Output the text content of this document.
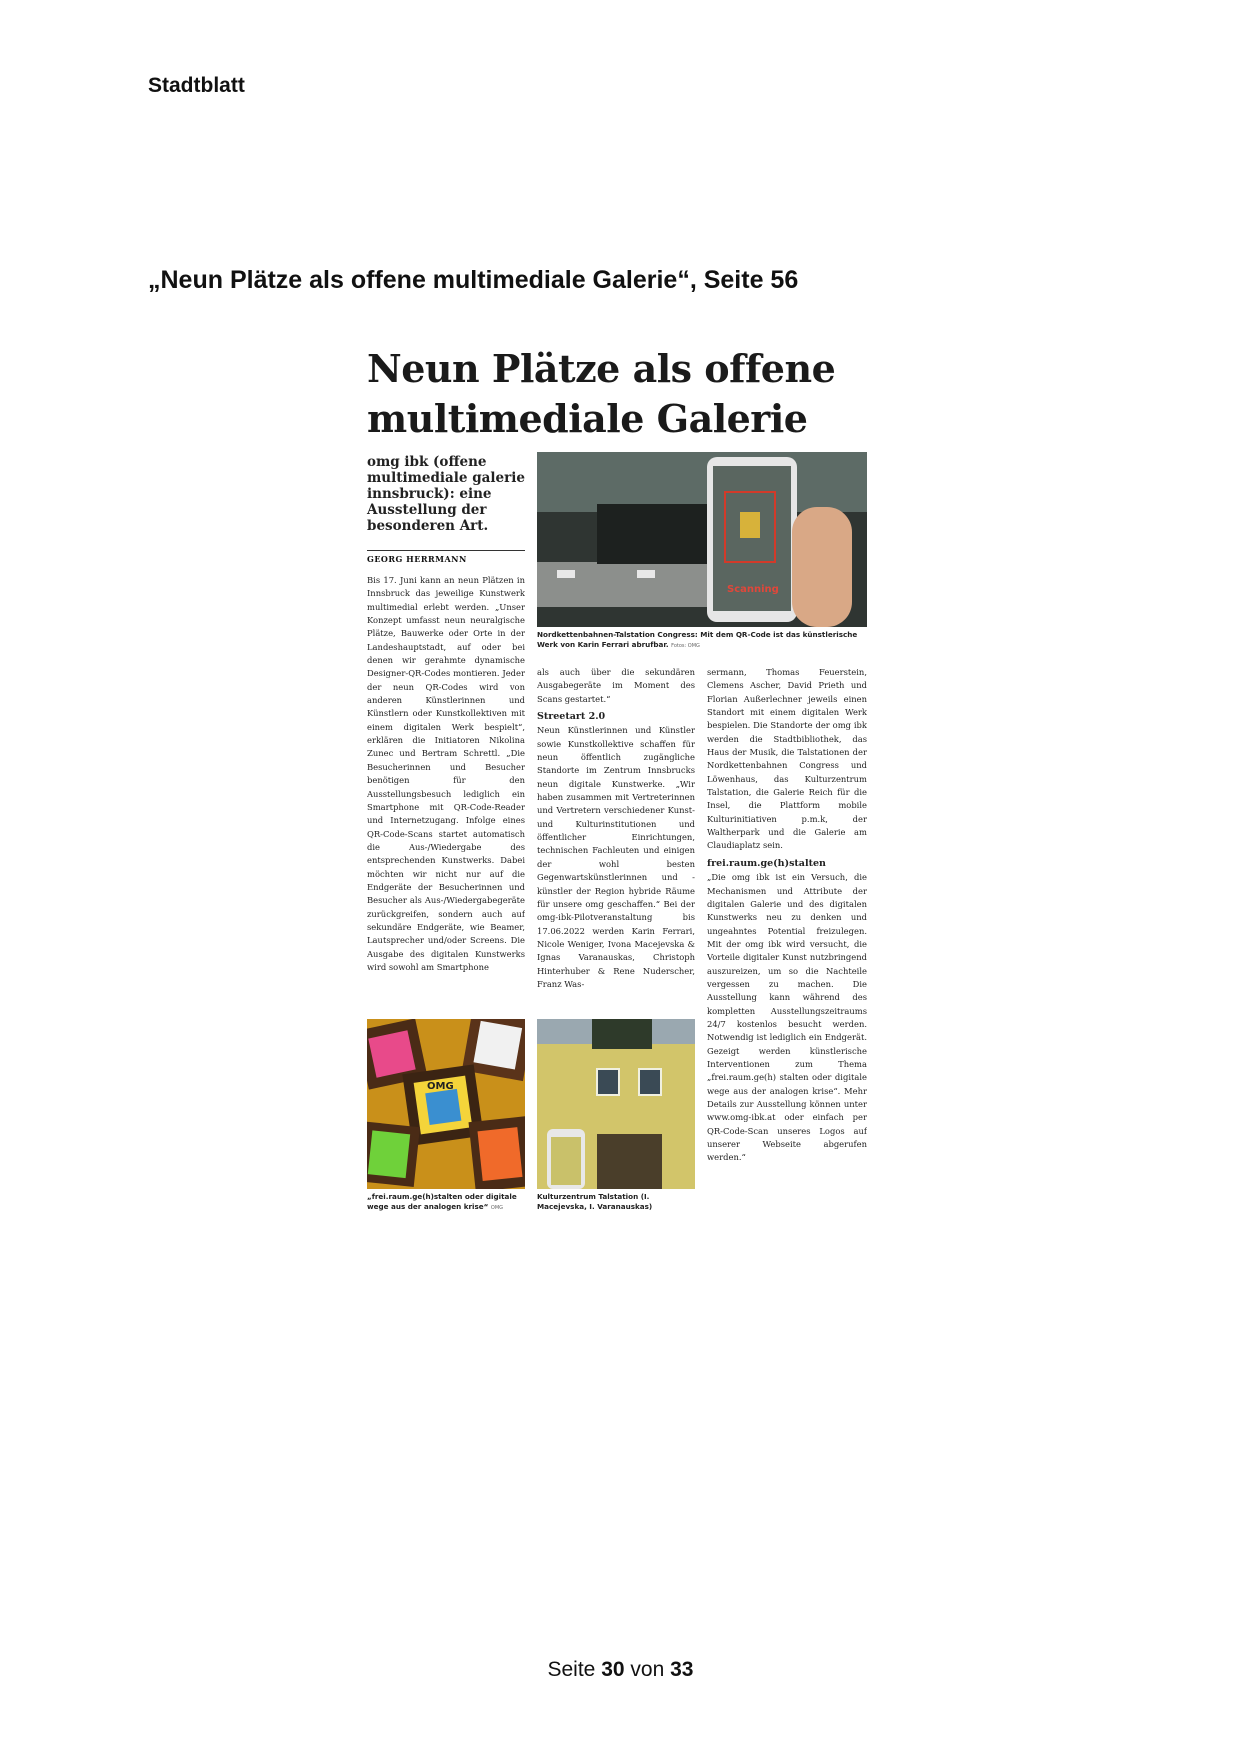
Stadtblatt
„Neun Plätze als offene multimediale Galerie“, Seite 56
Neun Plätze als offene
multimediale Galerie
omg ibk (offene multimediale galerie innsbruck): eine Ausstellung der besonderen Art.
GEORG HERRMANN

Bis 17. Juni kann an neun Plätzen in Innsbruck das jeweilige Kunstwerk multimedial erlebt werden. „Unser Konzept umfasst neun neuralgische Plätze, Bauwerke oder Orte in der Landeshauptstadt, auf oder bei denen wir gerahmte dynamische Designer-QR-Codes montieren. Jeder der neun QR-Codes wird von anderen Künstlerinnen und Künstlern oder Kunstkollektiven mit einem digitalen Werk bespielt“, erklären die Initiatoren Nikolina Zunec und Bertram Schrettl. „Die Besucherinnen und Besucher benötigen für den Ausstellungsbesuch lediglich ein Smartphone mit QR-Code-Reader und Internetzugang. Infolge eines QR-Code-Scans startet automatisch die Aus-/Wiedergabe des entsprechenden Kunstwerks. Dabei möchten wir nicht nur auf die Endgeräte der Besucherinnen und Besucher als Aus-/Wiedergabegeräte zurückgreifen, sondern auch auf sekundäre Endgeräte, wie Beamer, Lautsprecher und/oder Screens. Die Ausgabe des digitalen Kunstwerks wird sowohl am Smartphone

Scanning
Nordkettenbahnen-Talstation Congress: Mit dem QR-Code ist das künstlerische Werk von Karin Ferrari abrufbar. Fotos: OMG

als auch über die sekundären Ausgabegeräte im Moment des Scans gestartet.“

Streetart 2.0

Neun Künstlerinnen und Künstler sowie Kunstkollektive schaffen für neun öffentlich zugängliche Standorte im Zentrum Innsbrucks neun digitale Kunstwerke. „Wir haben zusammen mit Vertreterinnen und Vertretern verschiedener Kunst- und Kulturinstitutionen und öffentlicher Einrichtungen, technischen Fachleuten und einigen der wohl besten Gegenwartskünstlerinnen und -künstler der Region hybride Räume für unsere omg geschaffen.“ Bei der omg-ibk-Pilotveranstaltung bis 17.06.2022 werden Karin Ferrari, Nicole Weniger, Ivona Macejevska & Ignas Varanauskas, Christoph Hinterhuber & Rene Nuderscher, Franz Was-

sermann, Thomas Feuerstein, Clemens Ascher, David Prieth und Florian Außerlechner jeweils einen Standort mit einem digitalen Werk bespielen. Die Standorte der omg ibk werden die Stadtbibliothek, das Haus der Musik, die Talstationen der Nordkettenbahnen Congress und Löwenhaus, das Kulturzentrum Talstation, die Galerie Reich für die Insel, die Plattform mobile Kulturinitiativen p.m.k, der Waltherpark und die Galerie am Claudiaplatz sein.

frei.raum.ge(h)stalten

„Die omg ibk ist ein Versuch, die Mechanismen und Attribute der digitalen Galerie und des digitalen Kunstwerks neu zu denken und ungeahntes Potential freizulegen. Mit der omg ibk wird versucht, die Vorteile digitaler Kunst nutzbringend auszureizen, um so die Nachteile vergessen zu machen. Die Ausstellung kann während des kompletten Ausstellungszeitraums 24/7 kostenlos besucht werden. Notwendig ist lediglich ein Endgerät. Gezeigt werden künstlerische Interventionen zum Thema „frei.raum.ge(h) stalten oder digitale wege aus der analogen krise“. Mehr Details zur Ausstellung können unter www.omg-ibk.at oder einfach per QR-Code-Scan unseres Logos auf unserer Webseite abgerufen werden.“

OMG
„frei.raum.ge(h)stalten oder digitale wege aus der analogen krise“ OMG
Kulturzentrum Talstation (I. Macejevska, I. Varanauskas)
Seite 30 von 33
